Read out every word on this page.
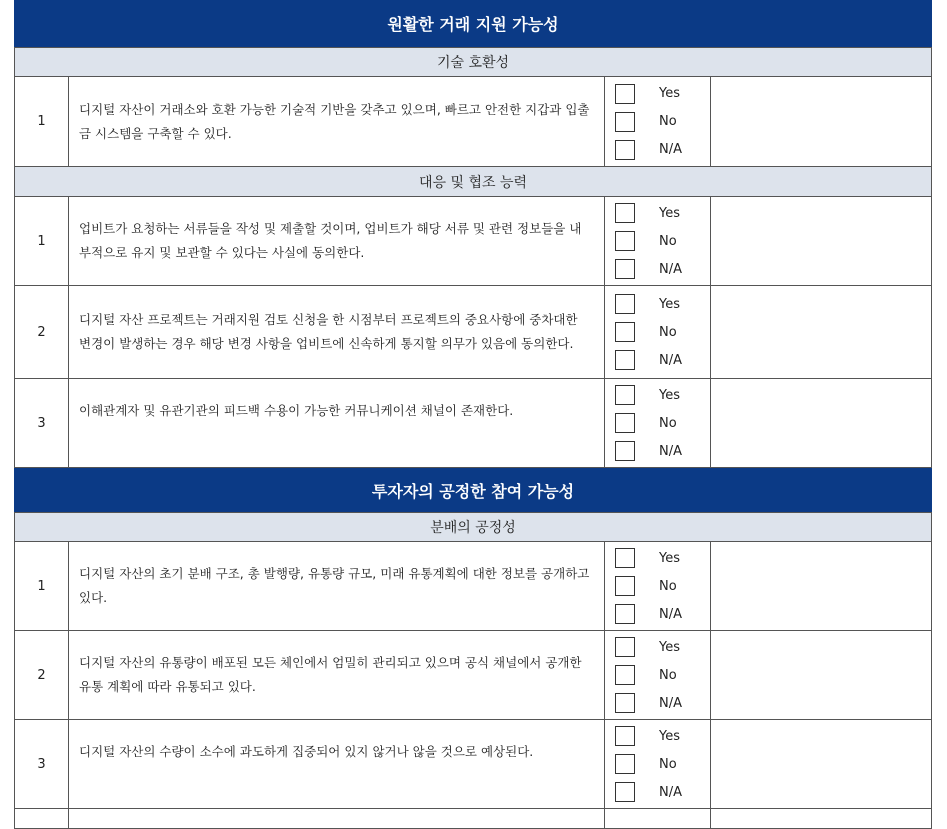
원활한 거래 지원 가능성
기술 호환성
1
디지털 자산이 거래소와 호환 가능한 기술적 기반을 갖추고 있으며, 빠르고 안전한 지갑과 입출금 시스템을 구축할 수 있다.
Yes
No
N/A
대응 및 협조 능력
1
업비트가 요청하는 서류들을 작성 및 제출할 것이며, 업비트가 해당 서류 및 관련 정보들을 내부적으로 유지 및 보관할 수 있다는 사실에 동의한다.
Yes
No
N/A
2
디지털 자산 프로젝트는 거래지원 검토 신청을 한 시점부터 프로젝트의 중요사항에 중차대한 변경이 발생하는 경우 해당 변경 사항을 업비트에 신속하게 통지할 의무가 있음에 동의한다.
Yes
No
N/A
3
이해관계자 및 유관기관의 피드백 수용이 가능한 커뮤니케이션 채널이 존재한다.
Yes
No
N/A
투자자의 공정한 참여 가능성
분배의 공정성
1
디지털 자산의 초기 분배 구조, 총 발행량, 유통량 규모, 미래 유통계획에 대한 정보를 공개하고 있다.
Yes
No
N/A
2
디지털 자산의 유통량이 배포된 모든 체인에서 엄밀히 관리되고 있으며 공식 채널에서 공개한 유통 계획에 따라 유통되고 있다.
Yes
No
N/A
3
디지털 자산의 수량이 소수에 과도하게 집중되어 있지 않거나 않을 것으로 예상된다.
Yes
No
N/A
